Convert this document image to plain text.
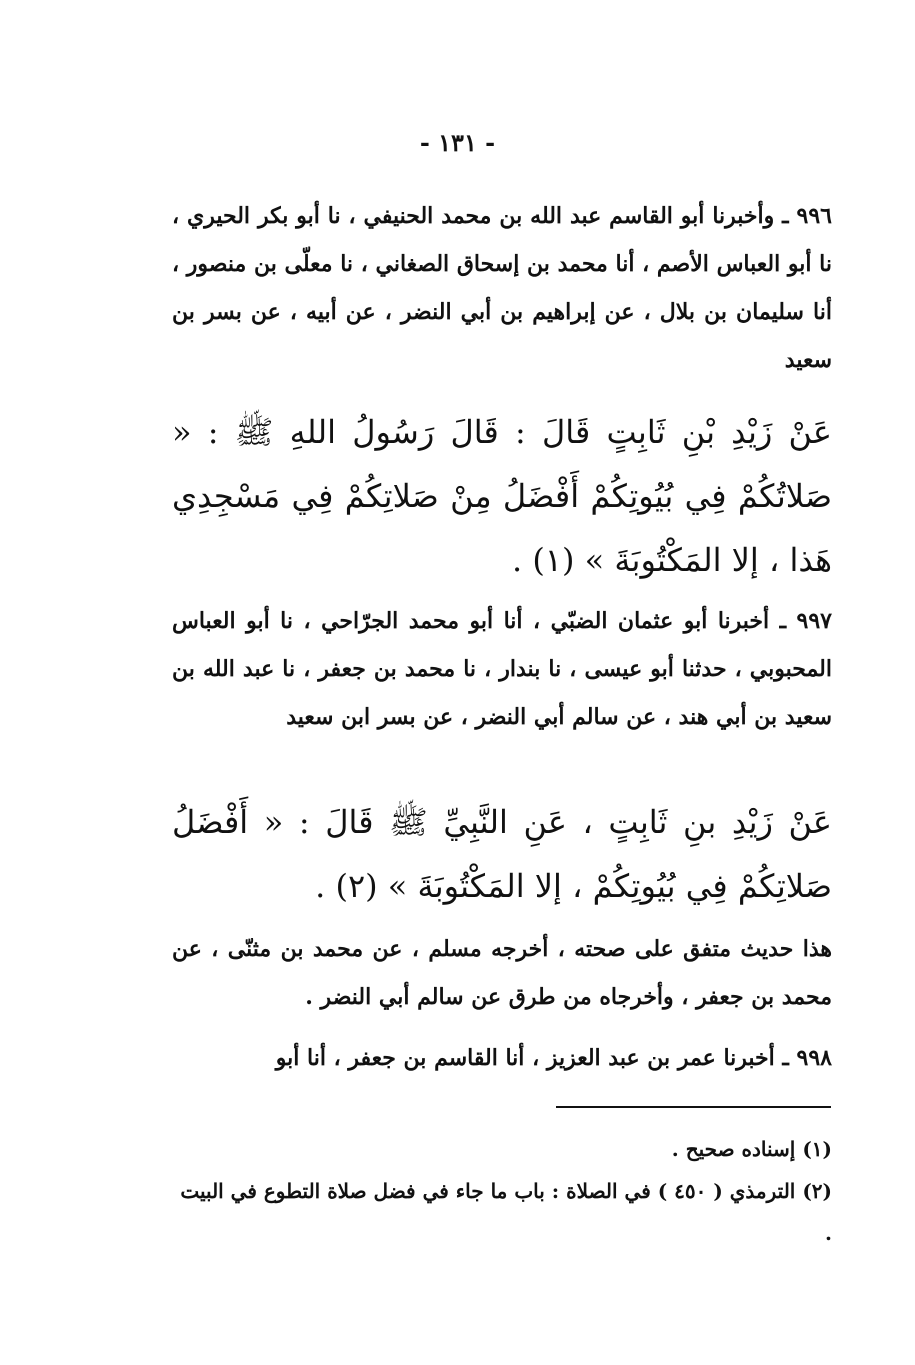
- ١٣١ -
٩٩٦ ـ وأخبرنا أبو القاسم عبد الله بن محمد الحنيفي ، نا أبو بكر الحيري ، نا أبو العباس الأصم ، أنا محمد بن إسحاق الصغاني ، نا معلّى بن منصور ، أنا سليمان بن بلال ، عن إبراهيم بن أبي النضر ، عن أبيه ، عن بسر بن سعيد
عَنْ زَيْدِ بْنِ ثَابِتٍ قَالَ : قَالَ رَسُولُ اللهِ ﷺ : « صَلاتُكُمْ فِي بُيُوتِكُمْ أَفْضَلُ مِنْ صَلاتِكُمْ فِي مَسْجِدِي هَذا ، إلا المَكْتُوبَةَ » (١) .
٩٩٧ ـ أخبرنا أبو عثمان الضبّي ، أنا أبو محمد الجرّاحي ، نا أبو العباس المحبوبي ، حدثنا أبو عيسى ، نا بندار ، نا محمد بن جعفر ، نا عبد الله بن سعيد بن أبي هند ، عن سالم أبي النضر ، عن بسر ابن سعيد
عَنْ زَيْدِ بنِ ثَابِتٍ ، عَنِ النَّبِيِّ ﷺ قَالَ : « أَفْضَلُ صَلاتِكُمْ فِي بُيُوتِكُمْ ، إلا المَكْتُوبَةَ » (٢) .
هذا حديث متفق على صحته ، أخرجه مسلم ، عن محمد بن مثنّى ، عن محمد بن جعفر ، وأخرجاه من طرق عن سالم أبي النضر .
٩٩٨ ـ أخبرنا عمر بن عبد العزيز ، أنا القاسم بن جعفر ، أنا أبو

(١) إسناده صحيح .

(٢) الترمذي ( ٤٥٠ ) في الصلاة : باب ما جاء في فضل صلاة التطوع في البيت .
